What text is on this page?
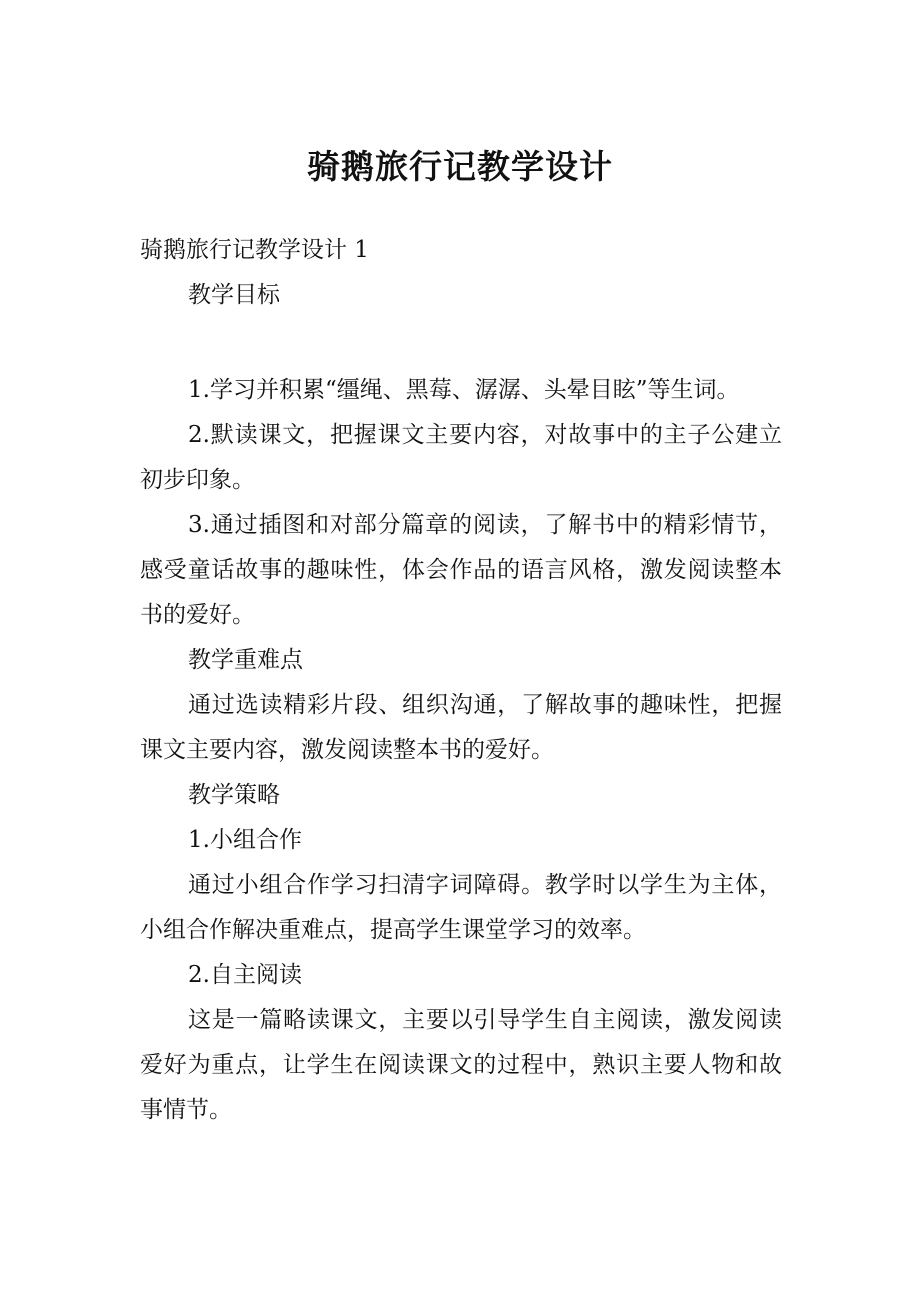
骑鹅旅行记教学设计

骑鹅旅行记教学设计 1

教学目标

1.学习并积累“缰绳、黑莓、潺潺、头晕目眩”等生词。

2.默读课文，把握课文主要内容，对故事中的主子公建立初步印象。

3.通过插图和对部分篇章的阅读，了解书中的精彩情节，感受童话故事的趣味性，体会作品的语言风格，激发阅读整本书的爱好。

教学重难点

通过选读精彩片段、组织沟通，了解故事的趣味性，把握课文主要内容，激发阅读整本书的爱好。

教学策略

1.小组合作

通过小组合作学习扫清字词障碍。教学时以学生为主体，小组合作解决重难点，提高学生课堂学习的效率。

2.自主阅读

这是一篇略读课文，主要以引导学生自主阅读，激发阅读爱好为重点，让学生在阅读课文的过程中，熟识主要人物和故事情节。
